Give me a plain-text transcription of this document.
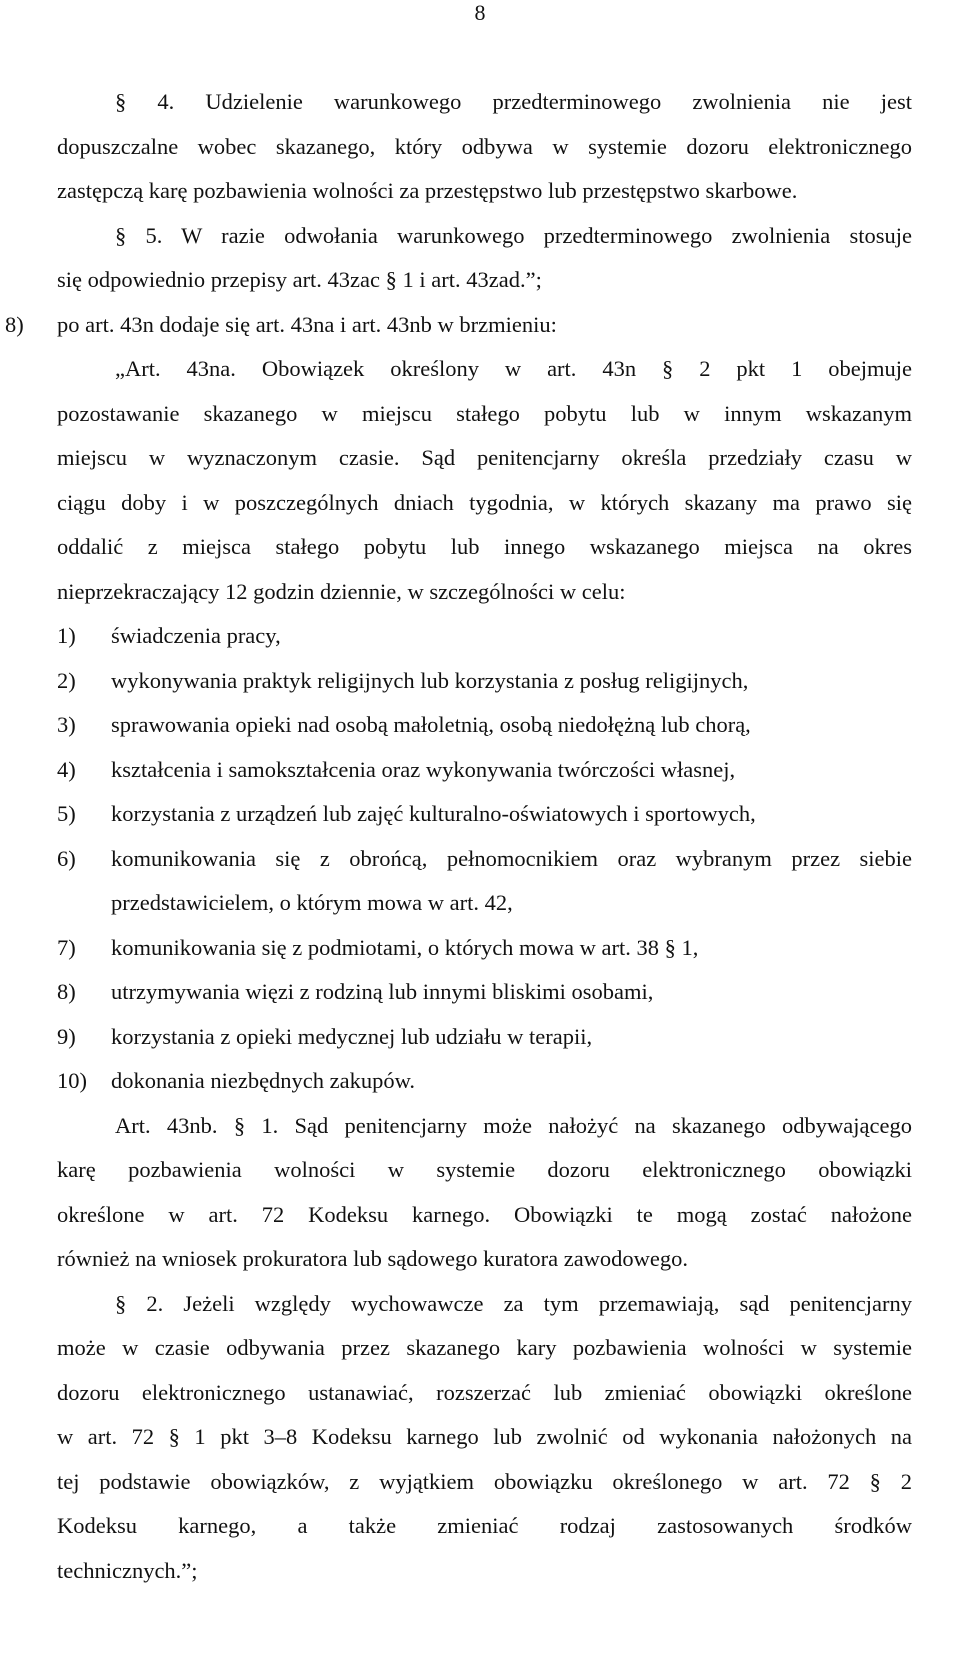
8
§ 4. Udzielenie warunkowego przedterminowego zwolnienia nie jest
dopuszczalne wobec skazanego, który odbywa w systemie dozoru elektronicznego
zastępczą karę pozbawienia wolności za przestępstwo lub przestępstwo skarbowe.
§ 5. W razie odwołania warunkowego przedterminowego zwolnienia stosuje
się odpowiednio przepisy art. 43zac § 1 i art. 43zad.”;
8) po art. 43n dodaje się art. 43na i art. 43nb w brzmieniu:
„Art. 43na. Obowiązek określony w art. 43n § 2 pkt 1 obejmuje
pozostawanie skazanego w miejscu stałego pobytu lub w innym wskazanym
miejscu w wyznaczonym czasie. Sąd penitencjarny określa przedziały czasu w
ciągu doby i w poszczególnych dniach tygodnia, w których skazany ma prawo się
oddalić z miejsca stałego pobytu lub innego wskazanego miejsca na okres
nieprzekraczający 12 godzin dziennie, w szczególności w celu:
1)	świadczenia pracy,
2)	wykonywania praktyk religijnych lub korzystania z posług religijnych,
3)	sprawowania opieki nad osobą małoletnią, osobą niedołężną lub chorą,
4)	kształcenia i samokształcenia oraz wykonywania twórczości własnej,
5)	korzystania z urządzeń lub zajęć kulturalno-oświatowych i sportowych,
6)	komunikowania się z obrońcą, pełnomocnikiem oraz wybranym przez siebie przedstawicielem, o którym mowa w art. 42,
7)	komunikowania się z podmiotami, o których mowa w art. 38 § 1,
8)	utrzymywania więzi z rodziną lub innymi bliskimi osobami,
9)	korzystania z opieki medycznej lub udziału w terapii,
10)	dokonania niezbędnych zakupów.
Art. 43nb. § 1. Sąd penitencjarny może nałożyć na skazanego odbywającego
karę pozbawienia wolności w systemie dozoru elektronicznego obowiązki
określone w art. 72 Kodeksu karnego. Obowiązki te mogą zostać nałożone
również na wniosek prokuratora lub sądowego kuratora zawodowego.
§ 2. Jeżeli względy wychowawcze za tym przemawiają, sąd penitencjarny
może w czasie odbywania przez skazanego kary pozbawienia wolności w systemie
dozoru elektronicznego ustanawiać, rozszerzać lub zmieniać obowiązki określone
w art. 72 § 1 pkt 3–8 Kodeksu karnego lub zwolnić od wykonania nałożonych na
tej podstawie obowiązków, z wyjątkiem obowiązku określonego w art. 72 § 2
Kodeksu karnego, a także zmieniać rodzaj zastosowanych środków
technicznych.”;
